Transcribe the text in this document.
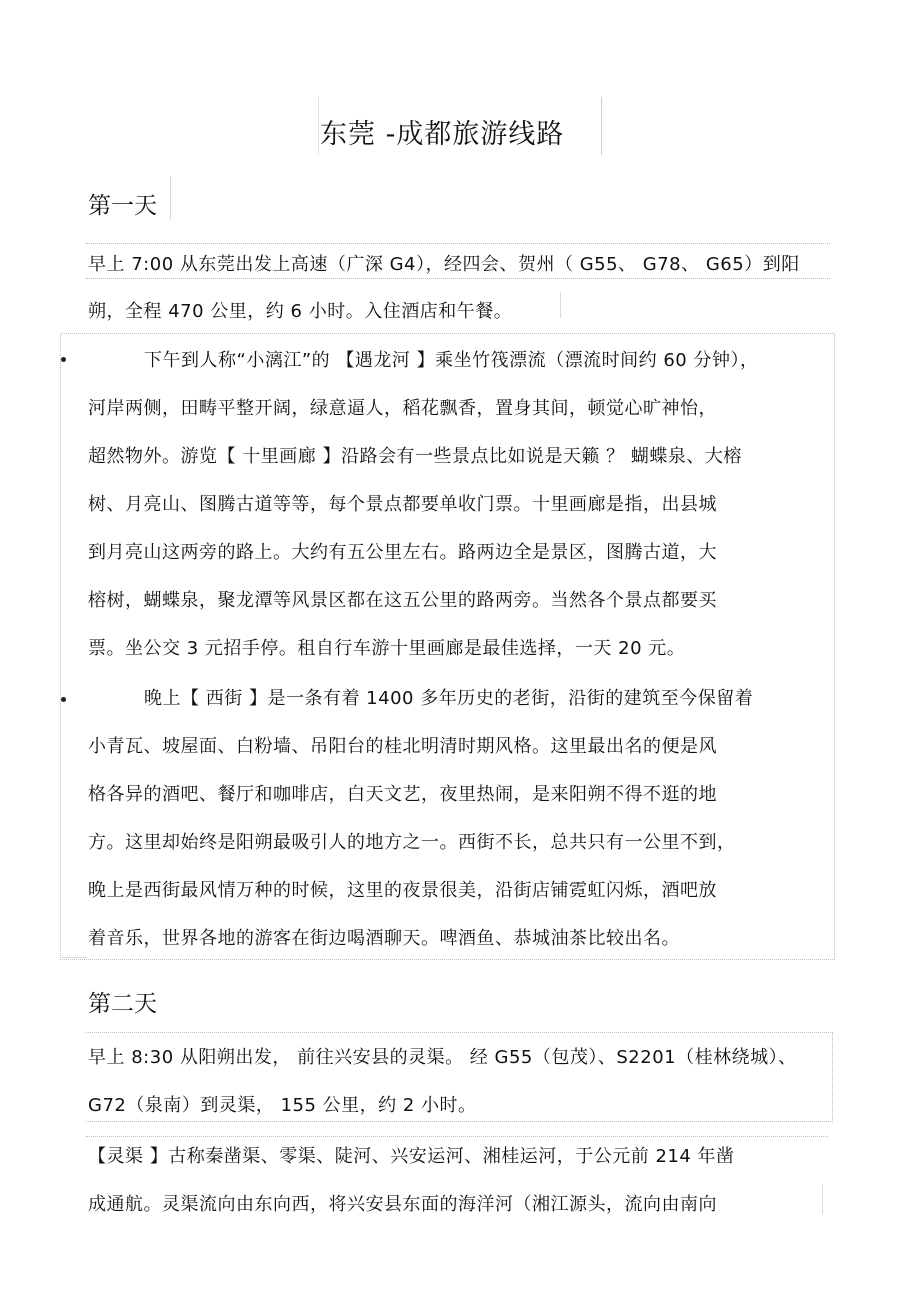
东莞 -成都旅游线路
第一天
早上 7:00 从东莞出发上高速（广深 G4），经四会、贺州（ G55、 G78、 G65）到阳
朔，全程 470 公里，约 6 小时。入住酒店和午餐。
下午到人称“小漓江”的 【遇龙河 】乘坐竹筏漂流（漂流时间约 60 分钟），
河岸两侧，田畴平整开阔，绿意逼人，稻花飘香，置身其间，顿觉心旷神怡，
超然物外。游览【 十里画廊 】沿路会有一些景点比如说是天籁 ？ 蝴蝶泉、大榕
树、月亮山、图腾古道等等，每个景点都要单收门票。十里画廊是指，出县城
到月亮山这两旁的路上。大约有五公里左右。路两边全是景区，图腾古道，大
榕树，蝴蝶泉，聚龙潭等风景区都在这五公里的路两旁。当然各个景点都要买
票。坐公交 3 元招手停。租自行车游十里画廊是最佳选择，一天 20 元。
晚上【 西街 】是一条有着 1400 多年历史的老街，沿街的建筑至今保留着
小青瓦、坡屋面、白粉墙、吊阳台的桂北明清时期风格。这里最出名的便是风
格各异的酒吧、餐厅和咖啡店，白天文艺，夜里热闹，是来阳朔不得不逛的地
方。这里却始终是阳朔最吸引人的地方之一。西街不长，总共只有一公里不到，
晚上是西街最风情万种的时候，这里的夜景很美，沿街店铺霓虹闪烁，酒吧放
着音乐，世界各地的游客在街边喝酒聊天。啤酒鱼、恭城油茶比较出名。
第二天
早上 8:30 从阳朔出发， 前往兴安县的灵渠。 经 G55（包茂）、S2201（桂林绕城）、
G72（泉南）到灵渠， 155 公里，约 2 小时。
【灵渠 】古称秦凿渠、零渠、陡河、兴安运河、湘桂运河，于公元前 214 年凿
成通航。灵渠流向由东向西，将兴安县东面的海洋河（湘江源头，流向由南向
